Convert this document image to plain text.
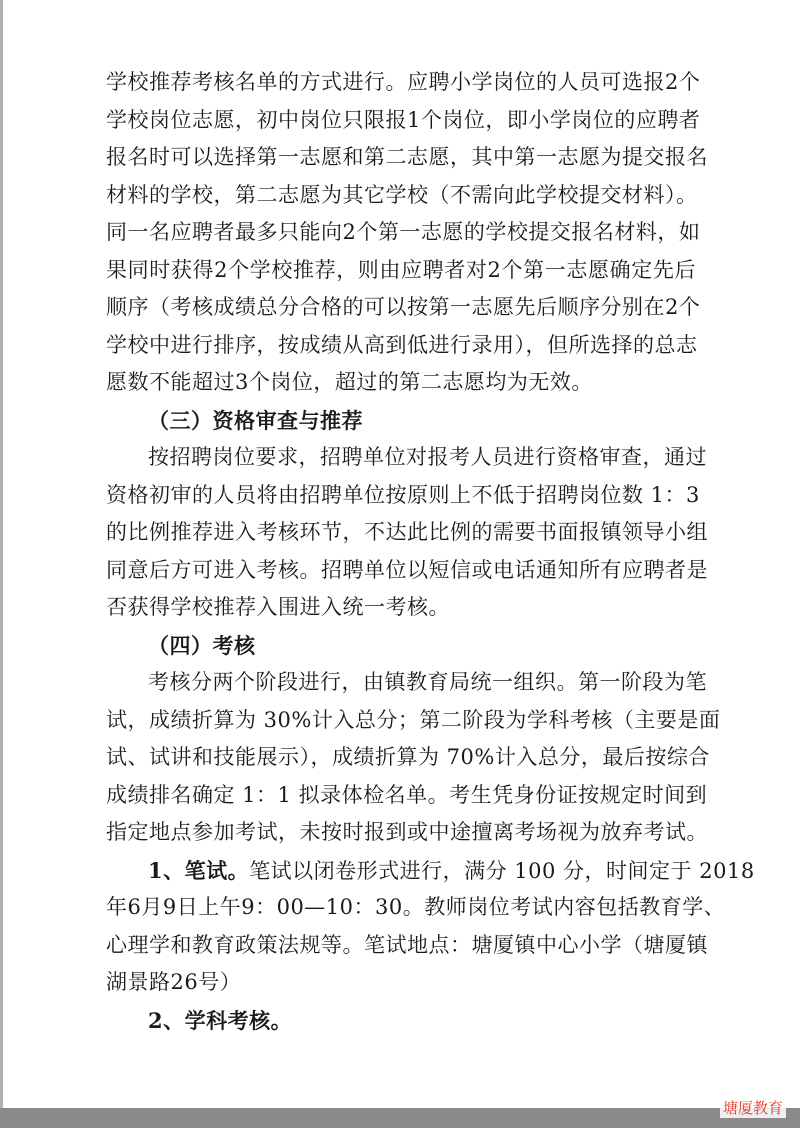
学校推荐考核名单的方式进行。应聘小学岗位的人员可选报2个
学校岗位志愿，初中岗位只限报1个岗位，即小学岗位的应聘者
报名时可以选择第一志愿和第二志愿，其中第一志愿为提交报名
材料的学校，第二志愿为其它学校（不需向此学校提交材料）。
同一名应聘者最多只能向2个第一志愿的学校提交报名材料，如
果同时获得2个学校推荐，则由应聘者对2个第一志愿确定先后
顺序（考核成绩总分合格的可以按第一志愿先后顺序分别在2个
学校中进行排序，按成绩从高到低进行录用），但所选择的总志
愿数不能超过3个岗位，超过的第二志愿均为无效。
（三）资格审查与推荐
按招聘岗位要求，招聘单位对报考人员进行资格审查，通过
资格初审的人员将由招聘单位按原则上不低于招聘岗位数 1：3
的比例推荐进入考核环节，不达此比例的需要书面报镇领导小组
同意后方可进入考核。招聘单位以短信或电话通知所有应聘者是
否获得学校推荐入围进入统一考核。
（四）考核
考核分两个阶段进行，由镇教育局统一组织。第一阶段为笔
试，成绩折算为 30%计入总分；第二阶段为学科考核（主要是面
试、试讲和技能展示），成绩折算为 70%计入总分，最后按综合
成绩排名确定 1：1 拟录体检名单。考生凭身份证按规定时间到
指定地点参加考试，未按时报到或中途擅离考场视为放弃考试。
1、笔试。笔试以闭卷形式进行，满分 100 分，时间定于 2018
年6月9日上午9：00—10：30。教师岗位考试内容包括教育学、
心理学和教育政策法规等。笔试地点：塘厦镇中心小学（塘厦镇
湖景路26号）
2、学科考核。
塘厦教育
